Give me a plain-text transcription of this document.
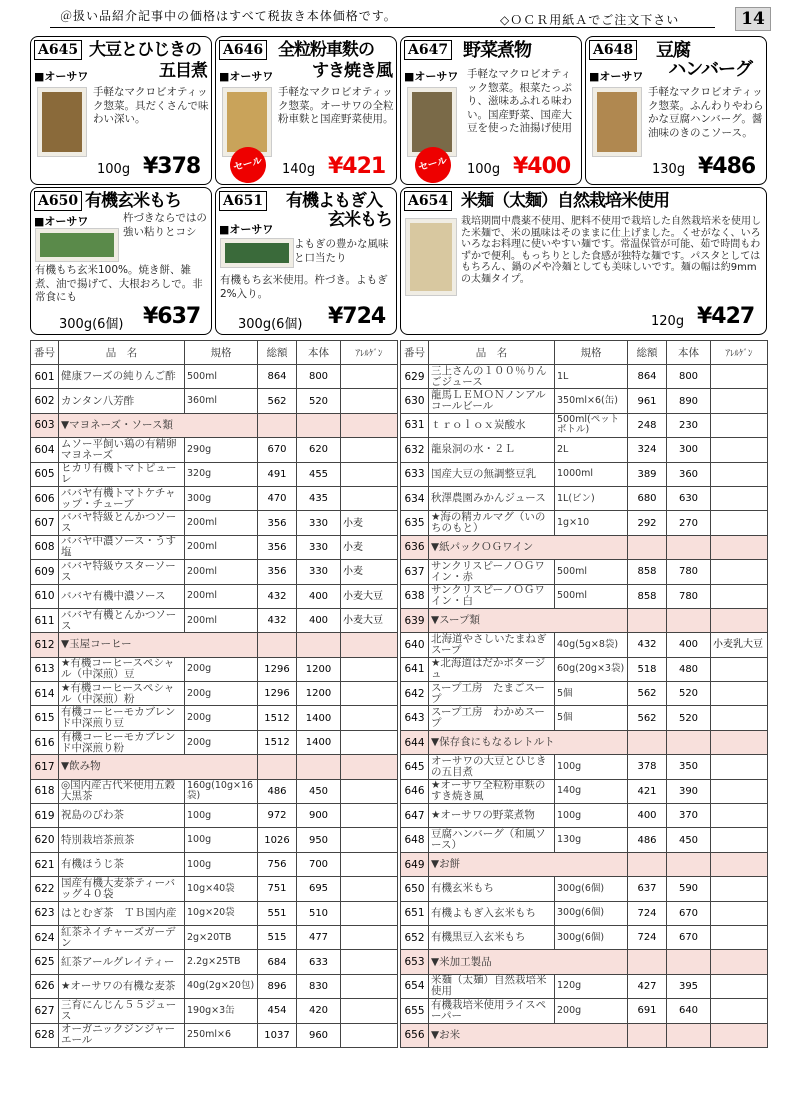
＠扱い品紹介記事中の価格はすべて税抜き本体価格です。	◇ＯＣＲ用紙Ａでご注文下さい	14
A645 大豆とひじきの
五目煮
■オーサワ
手軽なマクロビオティック惣菜。具だくさんで味わい深い。
100g ¥378
A646 全粒粉車麩の
すき焼き風
■オーサワ
セール
手軽なマクロビオティック惣菜。オーサワの全粒粉車麩と国産野菜使用。
140g ¥421
A647 野菜煮物
■オーサワ
セール
手軽なマクロビオティック惣菜。根菜たっぷり、滋味あふれる味わい。国産野菜、国産大豆を使った油揚げ使用
100g ¥400
A648 豆腐
ハンバーグ
■オーサワ
手軽なマクロビオティック惣菜。ふんわりやわらかな豆腐ハンバーグ。醤油味のきのこソース。
130g ¥486
A650 有機玄米もち
■オーサワ	杵づきならではの強い粘りとコシ
有機もち玄米100%。焼き餅、雑煮、油で揚げて、大根おろしで。非常食にも
300g(6個) ¥637
A651 有機よもぎ入
玄米もち
■オーサワ
よもぎの豊かな風味と口当たり
有機もち玄米使用。杵づき。よもぎ2%入り。
300g(6個) ¥724
A654 米麺（太麺）自然栽培米使用
栽培期間中農薬不使用、肥料不使用で栽培した自然栽培米を使用した米麺で、米の風味はそのままに仕上げました。くせがなく、いろいろなお料理に使いやすい麺です。常温保管が可能、茹で時間もわずかで便利。もっちりとした食感が独特な麺です。パスタとしてはもちろん、鍋の〆や冷麺としても美味しいです。麺の幅は約9mmの太麺タイプ。
120g ¥427
番号	品　名	規格	総額	本体	ｱﾚﾙｹﾞﾝ
601	健康フーズの純りんご酢	500ml	864	800	
602	カンタン八芳酢	360ml	562	520	
603	▼マヨネーズ・ソース類				
604	ムソー平飼い鶏の有精卵マヨネーズ	290g	670	620	
605	ヒカリ有機トマトピューレ	320g	491	455	
606	ババヤ有機トマトケチャップ・チューブ	300g	470	435	
607	ババヤ特級とんかつソース	200ml	356	330	小麦
608	ババヤ中濃ソース・うす塩	200ml	356	330	小麦
609	ババヤ特級ウスターソース	200ml	356	330	小麦
610	ババヤ有機中濃ソース	200ml	432	400	小麦大豆
611	ババヤ有機とんかつソース	200ml	432	400	小麦大豆
612	▼玉屋コーヒー				
613	★有機コーヒースペシャル（中深煎）豆	200g	1296	1200	
614	★有機コーヒースペシャル（中深煎）粉	200g	1296	1200	
615	有機コーヒーモカブレンド中深煎り豆	200g	1512	1400	
616	有機コーヒーモカブレンド中深煎り粉	200g	1512	1400	
617	▼飲み物				
618	◎国内産古代米使用五穀大黒茶	160g(10g×16袋)	486	450	
619	祝島のびわ茶	100g	972	900	
620	特別栽培茶煎茶	100g	1026	950	
621	有機ほうじ茶	100g	756	700	
622	国産有機大麦茶ティーバッグ４０袋	10g×40袋	751	695	
623	はとむぎ茶　ＴＢ国内産	10g×20袋	551	510	
624	紅茶ネイチャーズガーデン	2g×20TB	515	477	
625	紅茶アールグレイティー	2.2g×25TB	684	633	
626	★オーサワの有機な麦茶	40g(2g×20包)	896	830	
627	三育にんじん５５ジュース	190g×3缶	454	420	
628	オーガニックジンジャーエール	250ml×6	1037	960	
番号	品　名	規格	総額	本体	ｱﾚﾙｹﾞﾝ
629	三上さんの１００％りんごジュース	1L	864	800	
630	龍馬ＬＥＭＯＮノンアルコールビール	350ml×6(缶)	961	890	
631	ｔｒｏｌｏｘ炭酸水	500ml(ペットボトル)	248	230	
632	龍泉洞の水・２Ｌ	2L	324	300	
633	国産大豆の無調整豆乳	1000ml	389	360	
634	秋澤農園みかんジュース	1L(ビン)	680	630	
635	★海の精カルマグ（いのちのもと）	1g×10	292	270	
636	▼紙パックＯＧワイン				
637	サンクリスピーノＯＧワイン・赤	500ml	858	780	
638	サンクリスピーノＯＧワイン・白	500ml	858	780	
639	▼スープ類				
640	北海道やさしいたまねぎスープ	40g(5g×8袋)	432	400	小麦乳大豆
641	★北海道はだかポタージュ	60g(20g×3袋)	518	480	
642	スープ工房　たまごスープ	5個	562	520	
643	スープ工房　わかめスープ	5個	562	520	
644	▼保存食にもなるレトルト				
645	オーサワの大豆とひじきの五目煮	100g	378	350	
646	★オーサワ全粒粉車麩のすき焼き風	140g	421	390	
647	★オーサワの野菜煮物	100g	400	370	
648	豆腐ハンバーグ（和風ソース）	130g	486	450	
649	▼お餅				
650	有機玄米もち	300g(6個)	637	590	
651	有機よもぎ入玄米もち	300g(6個)	724	670	
652	有機黒豆入玄米もち	300g(6個)	724	670	
653	▼米加工製品				
654	米麺（太麺）自然栽培米使用	120g	427	395	
655	有機栽培米使用ライスペーパー	200g	691	640	
656	▼お米				
